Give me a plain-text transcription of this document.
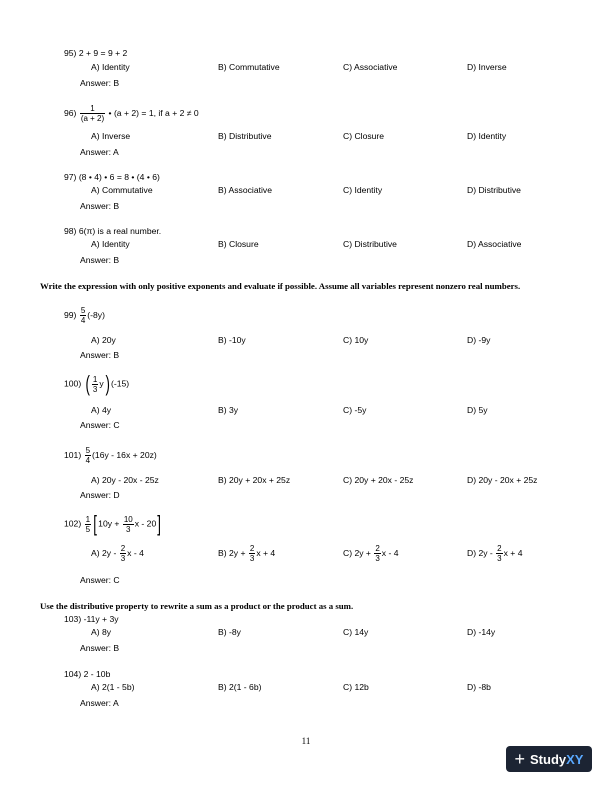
95) 2 + 9 = 9 + 2
A) Identity	B) Commutative	C) Associative	D) Inverse
Answer: B
$96) \frac{1}{(a + 2)}$ • (a + 2) = 1, if a + 2 ≠ 0
A) Inverse	B) Distributive	C) Closure	D) Identity
Answer: A
97) (8 • 4) • 6 = 8 • (4 • 6)
A) Commutative	B) Associative	C) Identity	D) Distributive
Answer: B
98) 6(π) is a real number.
A) Identity	B) Closure	C) Distributive	D) Associative
Answer: B
Write the expression with only positive exponents and evaluate if possible. Assume all variables represent nonzero real numbers.
$99) \frac{5}{4} (-8y)$
A) 20y	B) -10y	C) 10y	D) -9y
Answer: B
100) ( $\frac{1}{3} y)(-15)$
A) 4y	B) 3y	C) -5y	D) 5y
Answer: C
$101) \frac{5}{4} (16y - 16x + 20z)$
A) 20y - 20x - 25z	B) 20y + 20x + 25z	C) 20y + 20x - 25z	D) 20y - 20x + 25z
Answer: D
$102) \frac{1}{5} [10y + \frac{10}{3}$ x - 20]
A) $2y - \frac{2}{3}$ x - 4	B) $2y + \frac{2}{3}$ x + 4	C) $2y + \frac{2}{3}$ x - 4	D) $2y - \frac{2}{3}$ x + 4
Answer: C
Use the distributive property to rewrite a sum as a product or the product as a sum.
103) -11y + 3y
A) 8y	B) -8y	C) 14y	D) -14y
Answer: B
104) 2 - 10b
A) 2(1 - 5b)	B) 2(1 - 6b)	C) 12b	D) -8b
Answer: A
11
+ Study XY
